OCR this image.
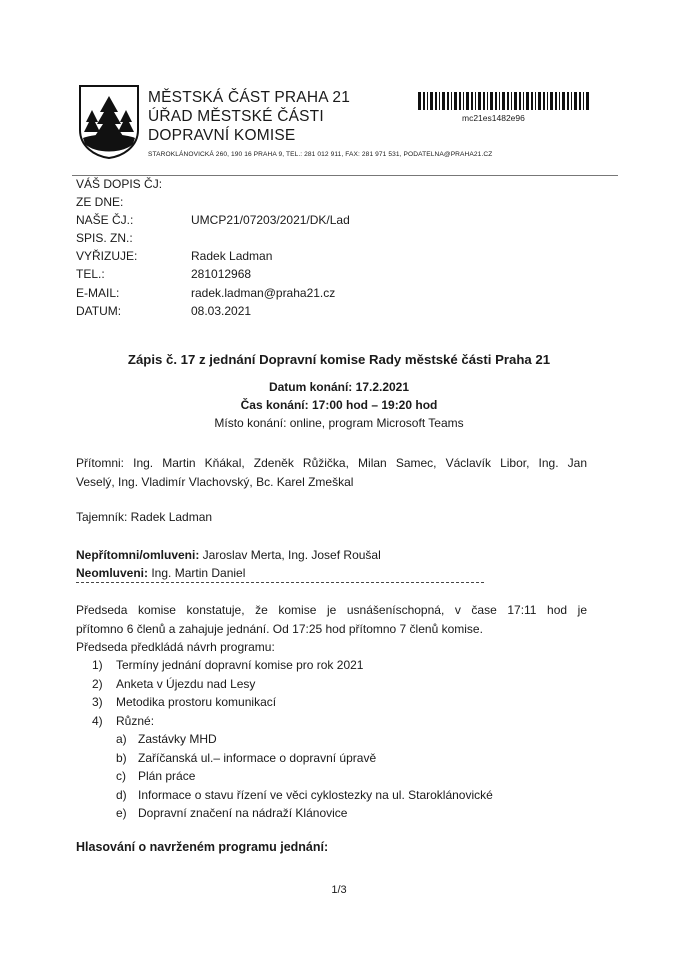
MĚSTSKÁ ČÁST PRAHA 21
ÚŘAD MĚSTSKÉ ČÁSTI
DOPRAVNÍ KOMISE
STAROKLÁNOVICKÁ 260, 190 16 PRAHA 9, TEL.: 281 012 911, FAX: 281 971 531, PODATELNA@PRAHA21.CZ
mc21es1482e96
VÁŠ DOPIS ČJ:
ZE DNE:
NAŠE ČJ.:	UMCP21/07203/2021/DK/Lad
SPIS. ZN.:
VYŘIZUJE:	Radek Ladman
TEL.:	281012968
E-MAIL:	radek.ladman@praha21.cz
DATUM:	08.03.2021
Zápis č. 17 z jednání Dopravní komise Rady městské části Praha 21
Datum konání: 17.2.2021
Čas konání: 17:00 hod – 19:20 hod
Místo konání: online, program Microsoft Teams
Přítomni: Ing. Martin Kňákal, Zdeněk Růžička, Milan Samec, Václavík Libor, Ing. Jan
Veselý, Ing. Vladimír Vlachovský, Bc. Karel Zmeškal
Tajemník: Radek Ladman
Nepřítomni/omluveni: Jaroslav Merta, Ing. Josef Roušal
Neomluveni: Ing. Martin Daniel
Předseda komise konstatuje, že komise je usnášeníschopná, v čase 17:11 hod je
přítomno 6 členů a zahajuje jednání. Od 17:25 hod přítomno 7 členů komise.
Předseda předkládá návrh programu:
1) Termíny jednání dopravní komise pro rok 2021
2) Anketa v Újezdu nad Lesy
3) Metodika prostoru komunikací
4) Různé:
a) Zastávky MHD
b) Zaříčanská ul.– informace o dopravní úpravě
c) Plán práce
d) Informace o stavu řízení ve věci cyklostezky na ul. Staroklánovické
e) Dopravní značení na nádraží Klánovice
Hlasování o navrženém programu jednání:
1/3
